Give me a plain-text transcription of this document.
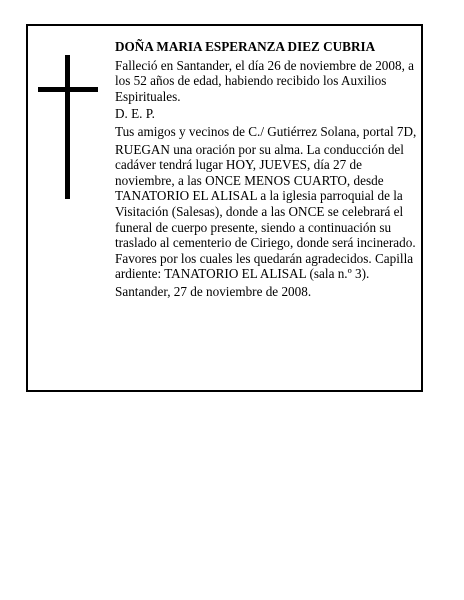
DOÑA MARIA ESPERANZA DIEZ CUBRIA

Falleció en Santander, el día 26 de noviembre de 2008, a los 52 años de edad, habiendo recibido los Auxilios Espirituales.

D. E. P.

Tus amigos y vecinos de C./ Gutiérrez Solana, portal 7D,

RUEGAN una oración por su alma. La conducción del cadáver tendrá lugar HOY, JUEVES, día 27 de noviembre, a las ONCE MENOS CUARTO, desde TANATORIO EL ALISAL a la iglesia parroquial de la Visitación (Salesas), donde a las ONCE se celebrará el funeral de cuerpo presente, siendo a continuación su traslado al cementerio de Ciriego, donde será incinerado. Favores por los cuales les quedarán agradecidos. Capilla ardiente: TANATORIO EL ALISAL (sala n.º 3).

Santander, 27 de noviembre de 2008.
